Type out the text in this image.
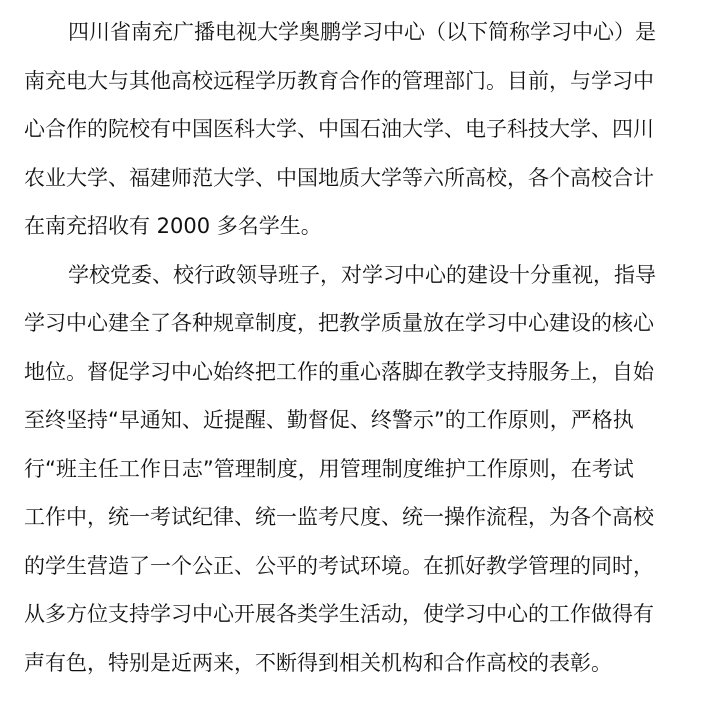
四川省南充广播电视大学奥鹏学习中心（以下简称学习中心）是
南充电大与其他高校远程学历教育合作的管理部门。目前，与学习中
心合作的院校有中国医科大学、中国石油大学、电子科技大学、四川
农业大学、福建师范大学、中国地质大学等六所高校，各个高校合计
在南充招收有 2000 多名学生。

学校党委、校行政领导班子，对学习中心的建设十分重视，指导
学习中心建全了各种规章制度，把教学质量放在学习中心建设的核心
地位。督促学习中心始终把工作的重心落脚在教学支持服务上，自始
至终坚持“早通知、近提醒、勤督促、终警示”的工作原则，严格执
行“班主任工作日志”管理制度，用管理制度维护工作原则，在考试
工作中，统一考试纪律、统一监考尺度、统一操作流程，为各个高校
的学生营造了一个公正、公平的考试环境。在抓好教学管理的同时，
从多方位支持学习中心开展各类学生活动，使学习中心的工作做得有
声有色，特别是近两来，不断得到相关机构和合作高校的表彰。
